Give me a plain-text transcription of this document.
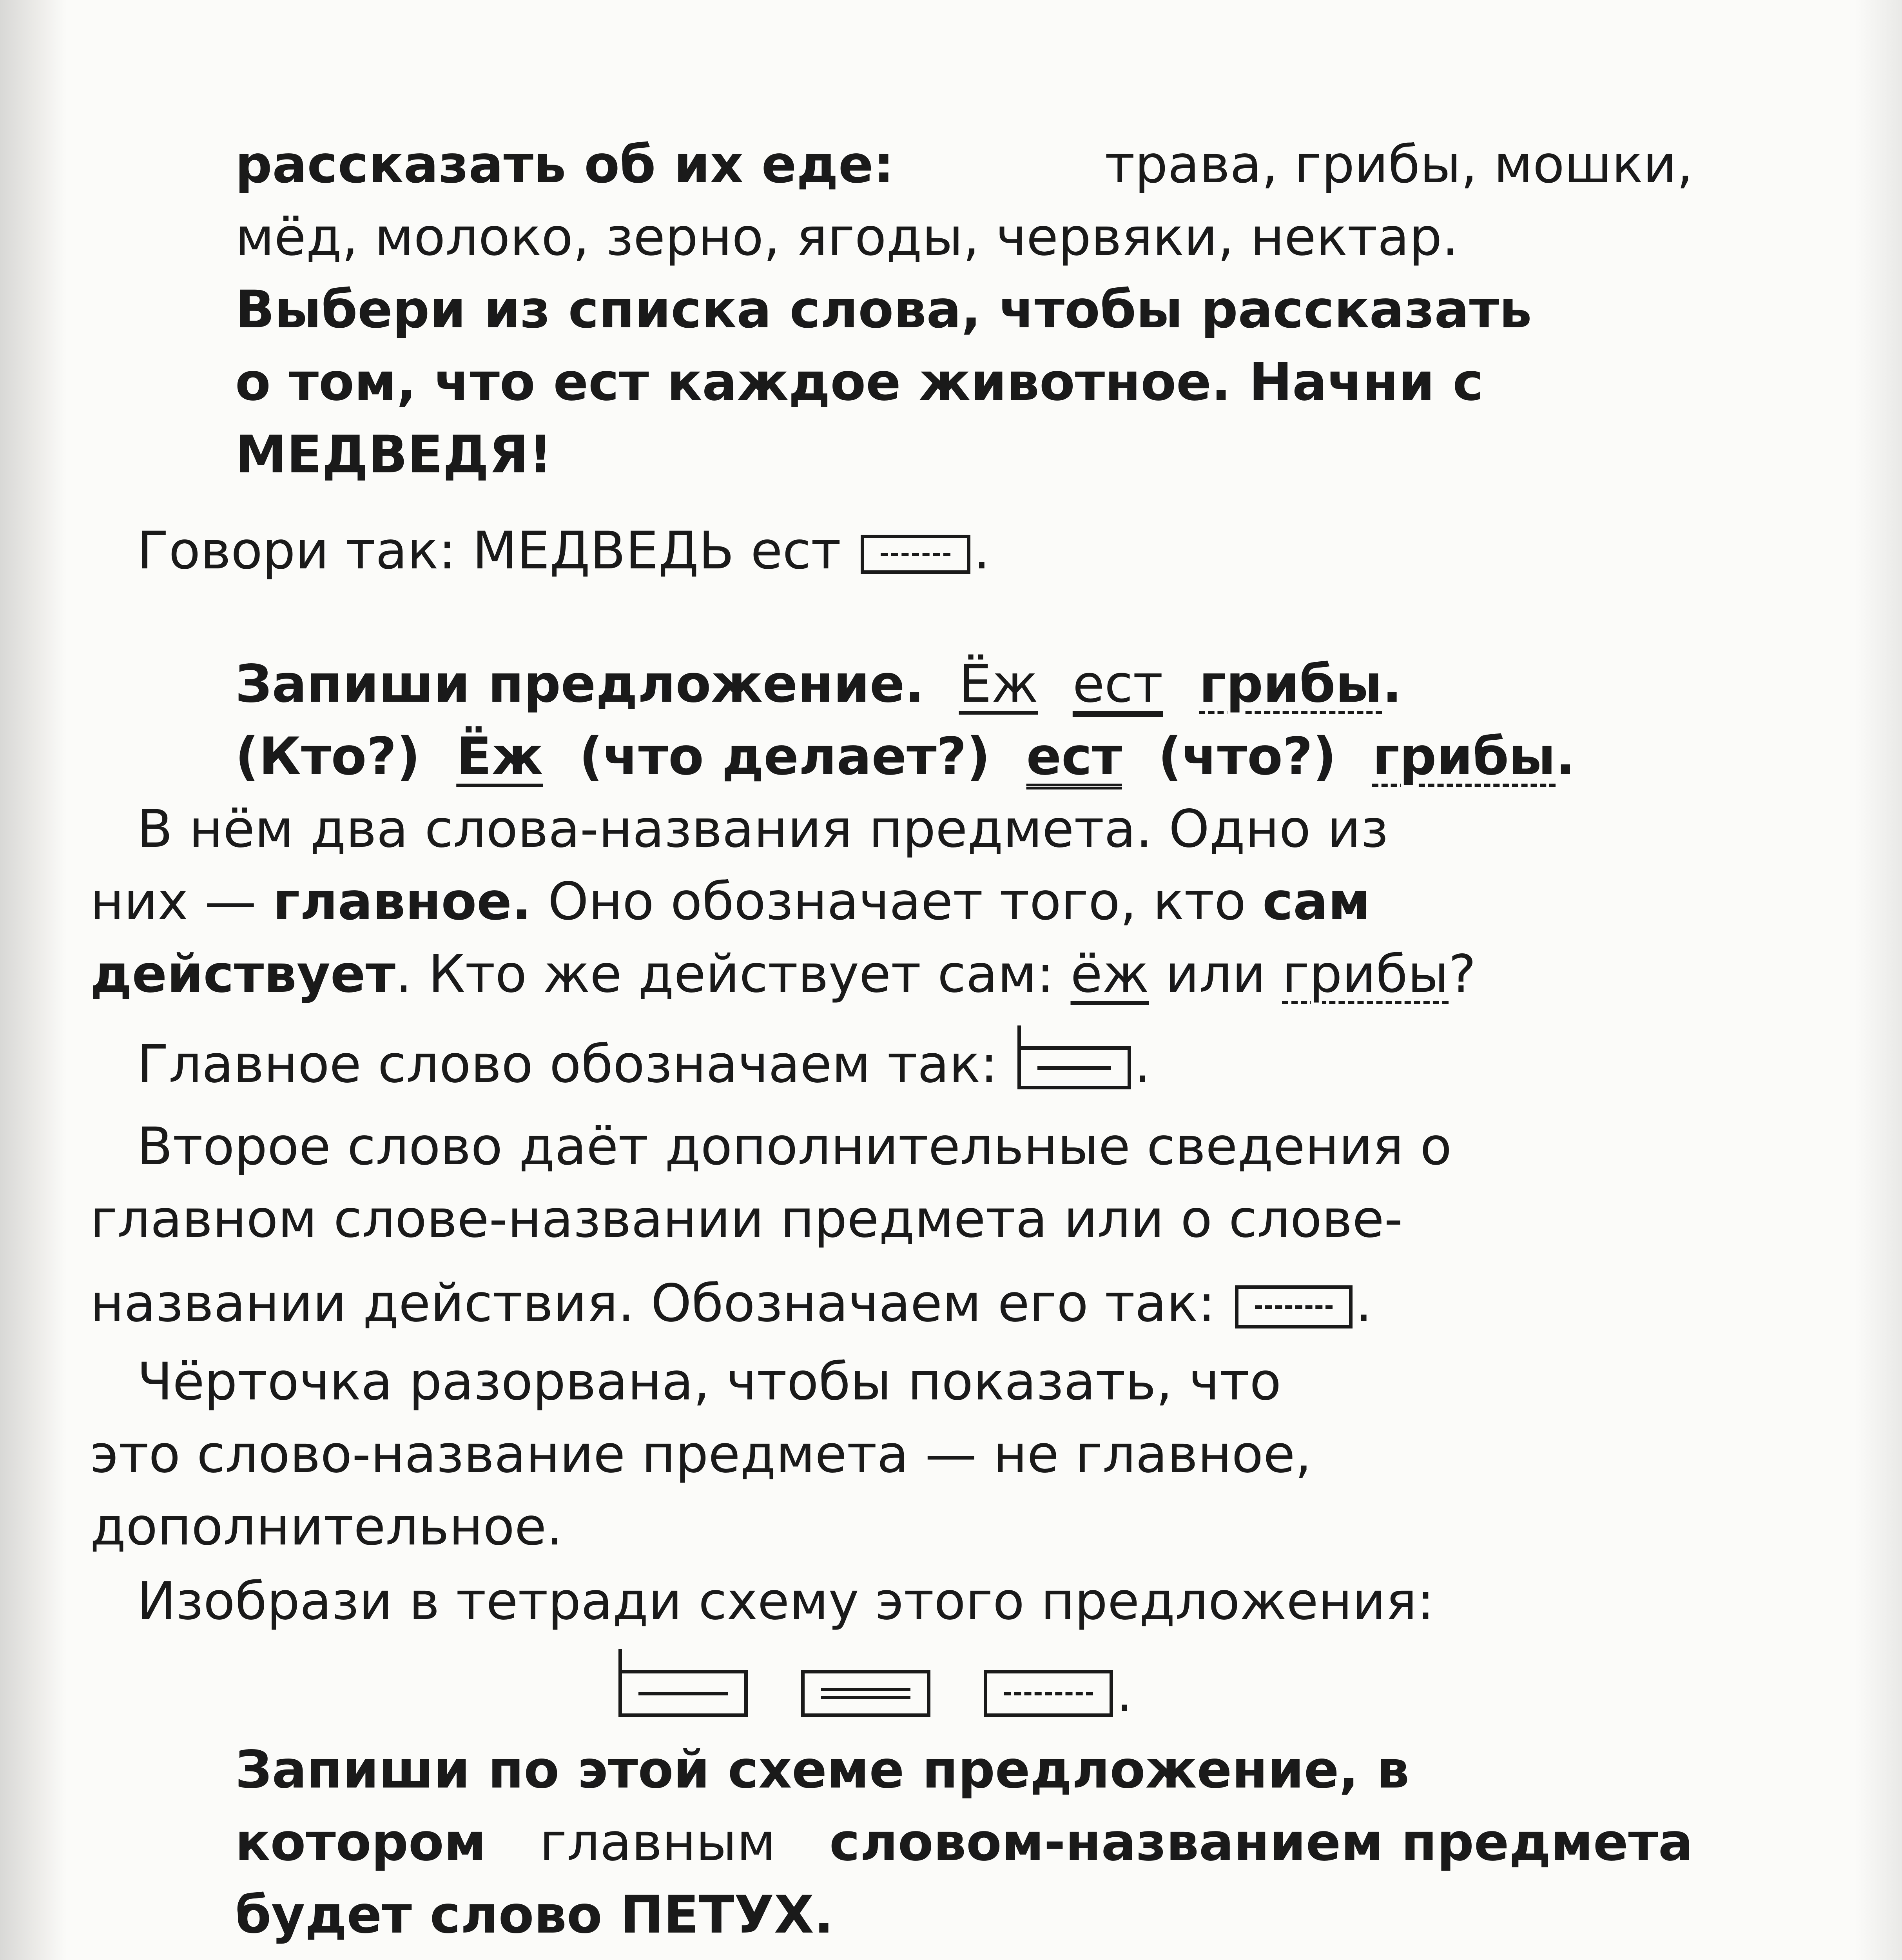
рассказать об их еде:	трава, грибы, мошки,
мёд, молоко, зерно, ягоды, червяки, нектар.
Выбери из списка слова, чтобы рассказать
о том, что ест каждое животное. Начни с
МЕДВЕДЯ!
Говори так: МЕДВЕДЬ ест	.
Запиши предложение. Ёж ест грибы.
(Кто?) Ёж (что делает?) ест (что?) грибы.
В нём два слова-названия предмета. Одно из
них — главное. Оно обозначает того, кто сам
действует. Кто же действует сам: ёж или грибы?
Главное слово обозначаем так:	.
Второе слово даёт дополнительные сведения о
главном слове-названии предмета или о слове-
названии действия. Обозначаем его так:	.
Чёрточка разорвана, чтобы показать, что
это слово-название предмета — не главное,
дополнительное.
Изобрази в тетради схему этого предложения:
.
Запиши по этой схеме предложение, в
котором главным словом-названием предмета
будет слово ПЕТУХ.
